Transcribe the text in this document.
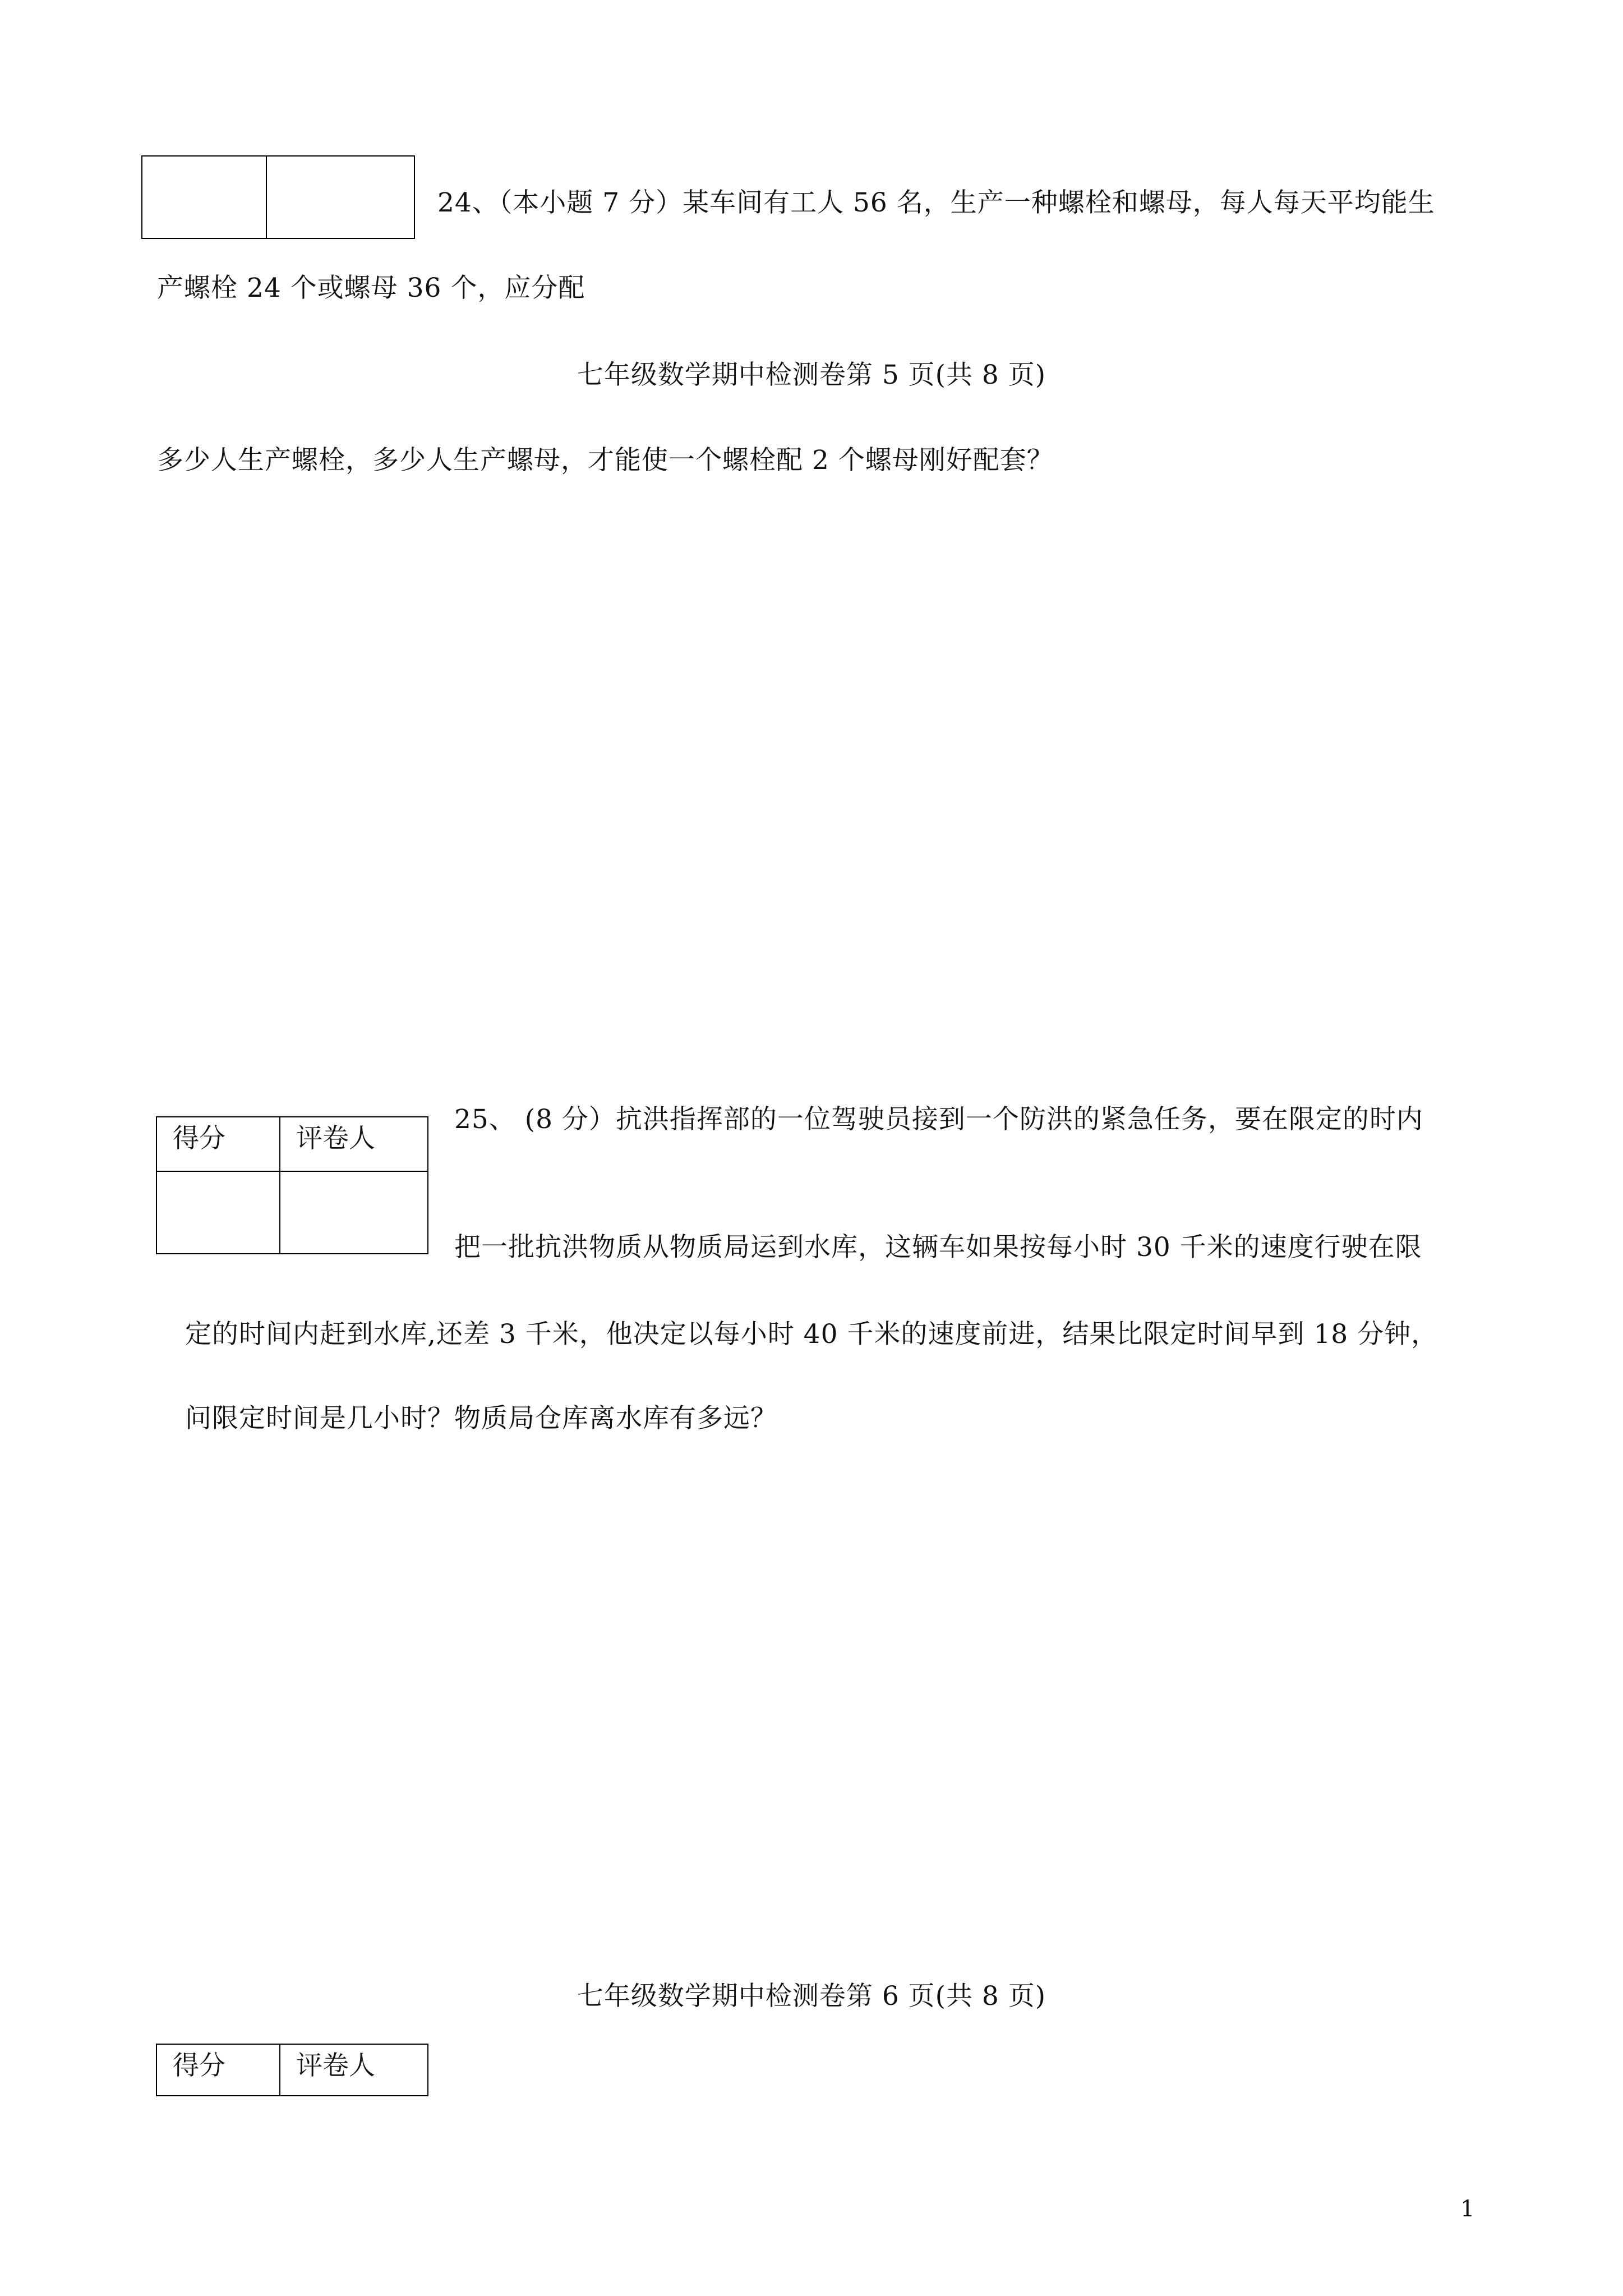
24、（本小题 7 分）某车间有工人 56 名，生产一种螺栓和螺母，每人每天平均能生
产螺栓 24 个或螺母 36 个，应分配
七年级数学期中检测卷第 5 页(共 8 页)
多少人生产螺栓，多少人生产螺母，才能使一个螺栓配 2 个螺母刚好配套？
得分	评卷人

25、 (8 分）抗洪指挥部的一位驾驶员接到一个防洪的紧急任务，要在限定的时内
把一批抗洪物质从物质局运到水库，这辆车如果按每小时 30 千米的速度行驶在限
定的时间内赶到水库,还差 3 千米，他决定以每小时 40 千米的速度前进，结果比限定时间早到 18 分钟，
问限定时间是几小时？物质局仓库离水库有多远？
七年级数学期中检测卷第 6 页(共 8 页)
得分	评卷人
1
